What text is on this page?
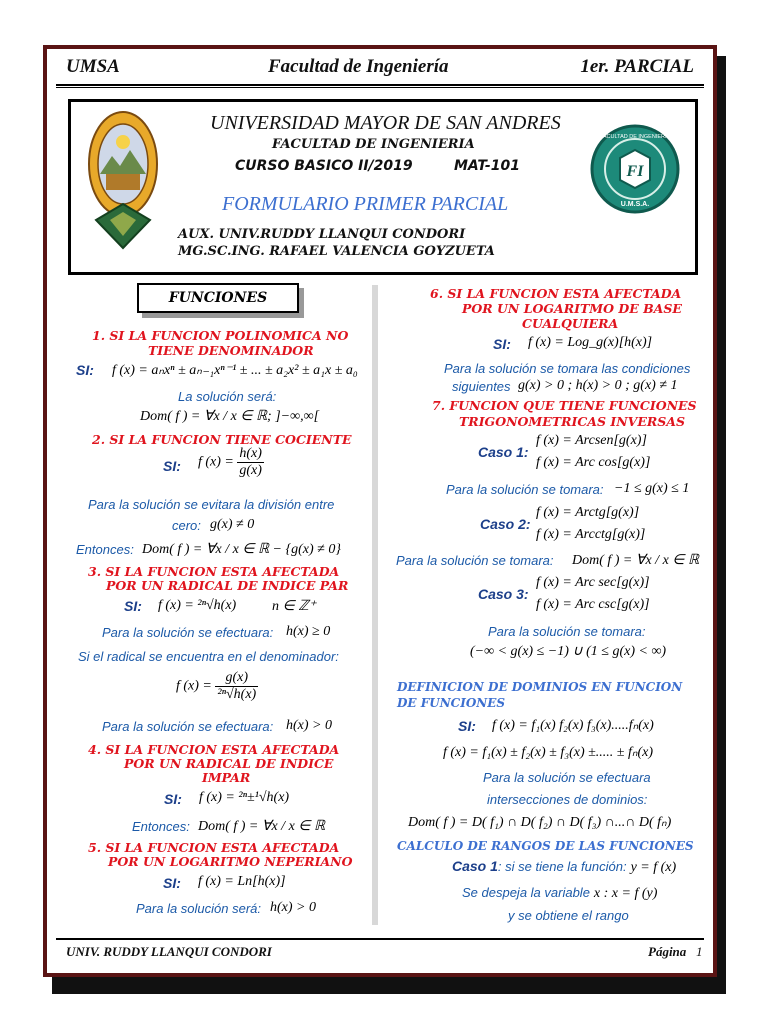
UMSA	Facultad de Ingeniería	1er. PARCIAL
FI
FACULTAD DE INGENIERIA
U.M.S.A.
UNIVERSIDAD MAYOR DE SAN ANDRES
FACULTAD DE INGENIERIA
CURSO BASICO II/2019	MAT-101
FORMULARIO PRIMER PARCIAL
AUX. UNIV.RUDDY LLANQUI CONDORI
MG.SC.ING. RAFAEL VALENCIA GOYZUETA
FUNCIONES
1. SI LA FUNCION POLINOMICA NO
TIENE DENOMINADOR
SI: f (x) = aₙxⁿ ± aₙ₋₁xⁿ⁻¹ ± ... ± a₂x² ± a₁x ± a₀
La solución será:
Dom( f ) = ∀x / x ∈ ℝ; ]−∞,∞[
2. SI LA FUNCION TIENE COCIENTE
SI: f $(x) = \frac{h(x)}{g(x)}$
Para la solución se evitara la división entre
cero: g(x) ≠ 0
Entonces: Dom( f ) = ∀x / x ∈ ℝ − {g(x) ≠ 0}
3. SI LA FUNCION ESTA AFECTADA
POR UN RADICAL DE INDICE PAR
SI: f (x) = ²ⁿ√h(x)	n ∈ ℤ⁺
Para la solución se efectuara: h(x) ≥ 0
Si el radical se encuentra en el denominador:
f $(x) = \frac{g(x)}{\text{²ⁿ√h(x)}}$
Para la solución se efectuara: h(x) > 0
4. SI LA FUNCION ESTA AFECTADA
POR UN RADICAL DE INDICE
IMPAR
SI: f (x) = ²ⁿ±¹√h(x)
Entonces: Dom( f ) = ∀x / x ∈ ℝ
5. SI LA FUNCION ESTA AFECTADA
POR UN LOGARITMO NEPERIANO
SI: f (x) = Ln[h(x)]
Para la solución será: h(x) > 0
6. SI LA FUNCION ESTA AFECTADA
POR UN LOGARITMO DE BASE
CUALQUIERA
SI: f (x) = Log_g(x)[h(x)]
Para la solución se tomara las condiciones
siguientes g(x) > 0 ; h(x) > 0 ; g(x) ≠ 1
7. FUNCION QUE TIENE FUNCIONES
TRIGONOMETRICAS INVERSAS
Caso 1:
f (x) = Arcsen[g(x)]
f (x) = Arc cos[g(x)]
Para la solución se tomara: −1 ≤ g(x) ≤ 1
Caso 2:
f (x) = Arctg[g(x)]
f (x) = Arcctg[g(x)]
Para la solución se tomara: Dom( f ) = ∀x / x ∈ ℝ
Caso 3:
f (x) = Arc sec[g(x)]
f (x) = Arc csc[g(x)]
Para la solución se tomara:
(−∞ < g(x) ≤ −1) ∪ (1 ≤ g(x) < ∞)
DEFINICION DE DOMINIOS EN FUNCION
DE FUNCIONES
SI: f (x) = f₁(x) f₂(x) f₃(x).....fₙ(x)
f (x) = f₁(x) ± f₂(x) ± f₃(x) ±..... ± fₙ(x)
Para la solución se efectuara
intersecciones de dominios:
Dom( f ) = D( f₁) ∩ D( f₂) ∩ D( f₃) ∩...∩ D( fₙ)
CALCULO DE RANGOS DE LAS FUNCIONES
Caso 1: si se tiene la función: y = f (x)
Se despeja la variable x : x = f (y)
y se obtiene el rango
UNIV. RUDDY LLANQUI CONDORI	Página 1
